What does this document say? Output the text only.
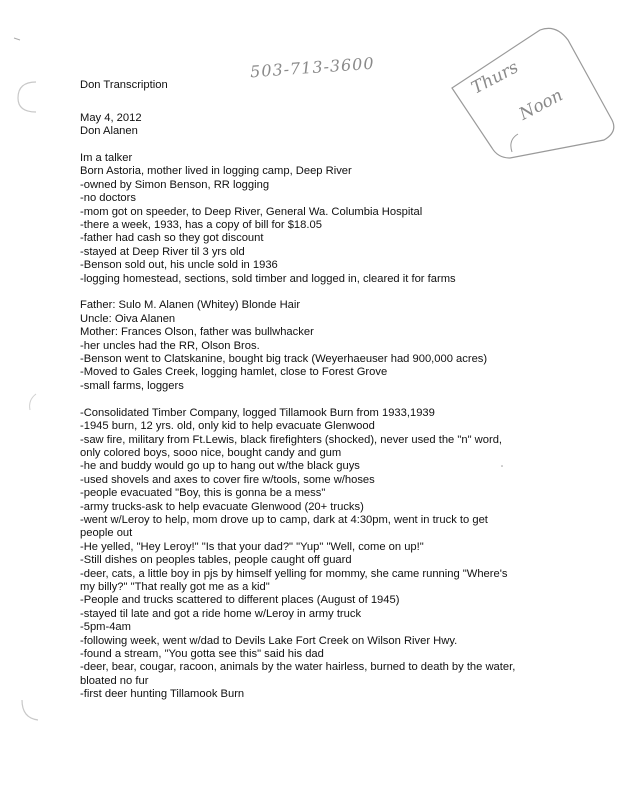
503-713-3600	Thurs
Noon
Don Transcription
May 4, 2012
Don Alanen
Im a talker
Born Astoria, mother lived in logging camp, Deep River
-owned by Simon Benson, RR logging
-no doctors
-mom got on speeder, to Deep River, General Wa. Columbia Hospital
-there a week, 1933, has a copy of bill for $18.05
-father had cash so they got discount
-stayed at Deep River til 3 yrs old
-Benson sold out, his uncle sold in 1936
-logging homestead, sections, sold timber and logged in, cleared it for farms
Father: Sulo M. Alanen (Whitey) Blonde Hair
Uncle: Oiva Alanen
Mother: Frances Olson, father was bullwhacker
-her uncles had the RR, Olson Bros.
-Benson went to Clatskanine, bought big track (Weyerhaeuser had 900,000 acres)
-Moved to Gales Creek, logging hamlet, close to Forest Grove
-small farms, loggers
-Consolidated Timber Company, logged Tillamook Burn from 1933,1939
-1945 burn, 12 yrs. old, only kid to help evacuate Glenwood
-saw fire, military from Ft.Lewis, black firefighters (shocked), never used the "n" word,
only colored boys, sooo nice, bought candy and gum
-he and buddy would go up to hang out w/the black guys
-used shovels and axes to cover fire w/tools, some w/hoses
-people evacuated "Boy, this is gonna be a mess"
-army trucks-ask to help evacuate Glenwood (20+ trucks)
-went w/Leroy to help, mom drove up to camp, dark at 4:30pm, went in truck to get
people out
-He yelled, "Hey Leroy!" "Is that your dad?" "Yup" "Well, come on up!"
-Still dishes on peoples tables, people caught off guard
-deer, cats, a little boy in pjs by himself yelling for mommy, she came running "Where's
my billy?" "That really got me as a kid"
-People and trucks scattered to different places (August of 1945)
-stayed til late and got a ride home w/Leroy in army truck
-5pm-4am
-following week, went w/dad to Devils Lake Fort Creek on Wilson River Hwy.
-found a stream, "You gotta see this" said his dad
-deer, bear, cougar, racoon, animals by the water hairless, burned to death by the water,
bloated no fur
-first deer hunting Tillamook Burn
